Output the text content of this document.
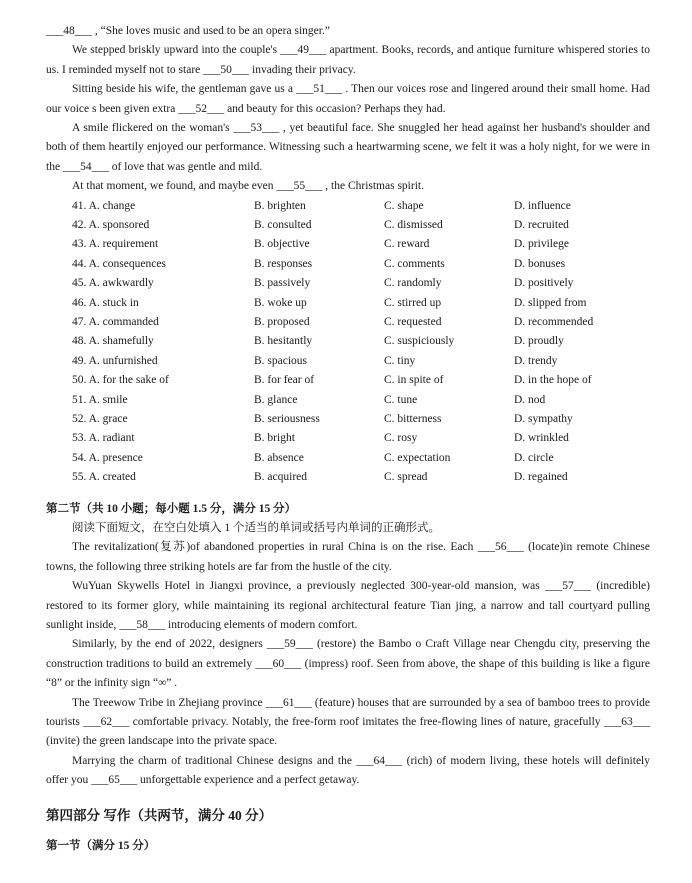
___48___ , “She loves music and used to be an opera singer.”

We stepped briskly upward into the couple's ___49___ apartment. Books, records, and antique furniture whispered stories to us. I reminded myself not to stare ___50___ invading their privacy.

Sitting beside his wife, the gentleman gave us a ___51___ . Then our voices rose and lingered around their small home. Had our voice s been given extra ___52___ and beauty for this occasion? Perhaps they had.

A smile flickered on the woman's ___53___ , yet beautiful face. She snuggled her head against her husband's shoulder and both of them heartily enjoyed our performance. Witnessing such a heartwarming scene, we felt it was a holy night, for we were in the ___54___ of love that was gentle and mild.

At that moment, we found, and maybe even ___55___ , the Christmas spirit.

41. A. change	B. brighten	C. shape	D. influence
42. A. sponsored	B. consulted	C. dismissed	D. recruited
43. A. requirement	B. objective	C. reward	D. privilege
44. A. consequences	B. responses	C. comments	D. bonuses
45. A. awkwardly	B. passively	C. randomly	D. positively
46. A. stuck in	B. woke up	C. stirred up	D. slipped from
47. A. commanded	B. proposed	C. requested	D. recommended
48. A. shamefully	B. hesitantly	C. suspiciously	D. proudly
49. A. unfurnished	B. spacious	C. tiny	D. trendy
50. A. for the sake of	B. for fear of	C. in spite of	D. in the hope of
51. A. smile	B. glance	C. tune	D. nod
52. A. grace	B. seriousness	C. bitterness	D. sympathy
53. A. radiant	B. bright	C. rosy	D. wrinkled
54. A. presence	B. absence	C. expectation	D. circle
55. A. created	B. acquired	C. spread	D. regained
第二节（共 10 小题；每小题 1.5 分，满分 15 分）

阅读下面短文，在空白处填入 1 个适当的单词或括号内单词的正确形式。

The revitalization(复苏)of abandoned properties in rural China is on the rise. Each ___56___ (locate)in remote Chinese towns, the following three striking hotels are far from the hustle of the city.

WuYuan Skywells Hotel in Jiangxi province, a previously neglected 300-year-old mansion, was ___57___ (incredible) restored to its former glory, while maintaining its regional architectural feature Tian jing, a narrow and tall courtyard pulling sunlight inside, ___58___ introducing elements of modern comfort.

Similarly, by the end of 2022, designers ___59___ (restore) the Bambo o Craft Village near Chengdu city, preserving the construction traditions to build an extremely ___60___ (impress) roof. Seen from above, the shape of this building is like a figure “8” or the infinity sign “∞” .

The Treewow Tribe in Zhejiang province ___61___ (feature) houses that are surrounded by a sea of bamboo trees to provide tourists ___62___ comfortable privacy. Notably, the free-form roof imitates the free-flowing lines of nature, gracefully ___63___ (invite) the green landscape into the private space.

Marrying the charm of traditional Chinese designs and the ___64___ (rich) of modern living, these hotels will definitely offer you ___65___ unforgettable experience and a perfect getaway.

第四部分 写作（共两节，满分 40 分）
第一节（满分 15 分）
